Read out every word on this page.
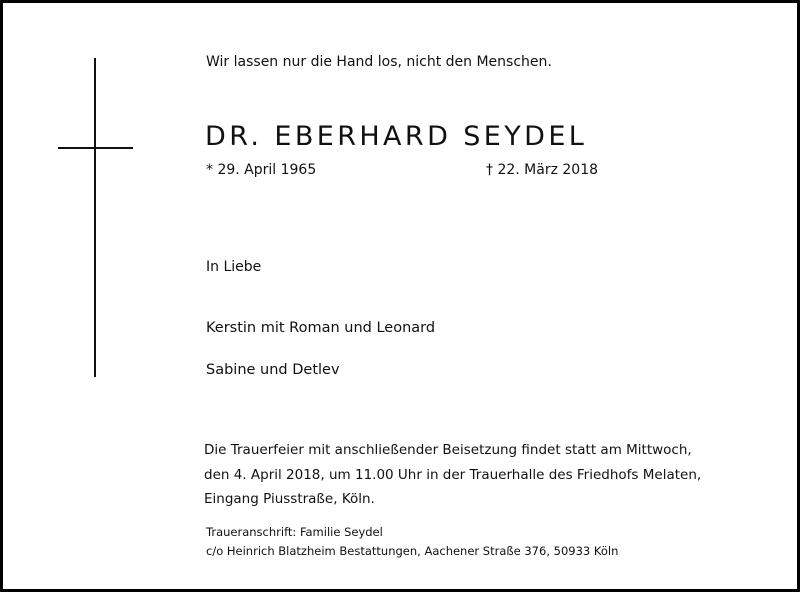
Wir lassen nur die Hand los, nicht den Menschen.
DR. EBERHARD SEYDEL
* 29. April 1965	† 22. März 2018
In Liebe
Kerstin mit Roman und Leonard
Sabine und Detlev
Die Trauerfeier mit anschließender Beisetzung findet statt am Mittwoch,
den 4. April 2018, um 11.00 Uhr in der Trauerhalle des Friedhofs Melaten,
Eingang Piusstraße, Köln.
Traueranschrift: Familie Seydel
c/o Heinrich Blatzheim Bestattungen, Aachener Straße 376, 50933 Köln
